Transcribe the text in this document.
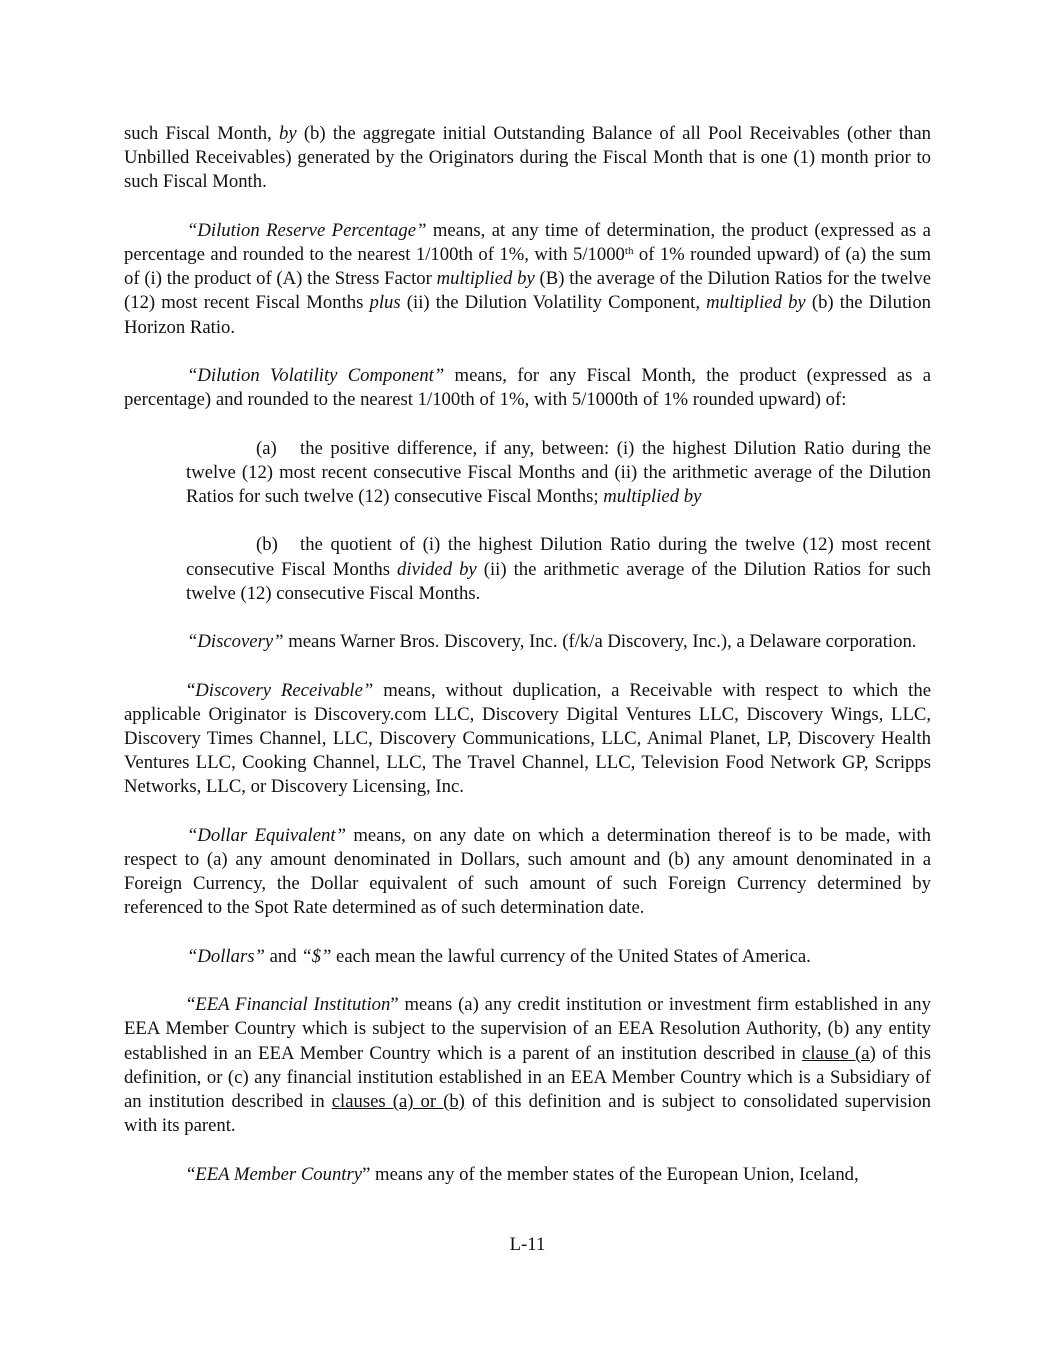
such Fiscal Month, by (b) the aggregate initial Outstanding Balance of all Pool Receivables (other than Unbilled Receivables) generated by the Originators during the Fiscal Month that is one (1) month prior to such Fiscal Month.

“Dilution Reserve Percentage” means, at any time of determination, the product (expressed as a percentage and rounded to the nearest 1/100th of 1%, with 5/1000th of 1% rounded upward) of (a) the sum of (i) the product of (A) the Stress Factor multiplied by (B) the average of the Dilution Ratios for the twelve (12) most recent Fiscal Months plus (ii) the Dilution Volatility Component, multiplied by (b) the Dilution Horizon Ratio.

“Dilution Volatility Component” means, for any Fiscal Month, the product (expressed as a percentage) and rounded to the nearest 1/100th of 1%, with 5/1000th of 1% rounded upward) of:

(a) the positive difference, if any, between: (i) the highest Dilution Ratio during the twelve (12) most recent consecutive Fiscal Months and (ii) the arithmetic average of the Dilution Ratios for such twelve (12) consecutive Fiscal Months; multiplied by

(b) the quotient of (i) the highest Dilution Ratio during the twelve (12) most recent consecutive Fiscal Months divided by (ii) the arithmetic average of the Dilution Ratios for such twelve (12) consecutive Fiscal Months.

“Discovery” means Warner Bros. Discovery, Inc. (f/k/a Discovery, Inc.), a Delaware corporation.

“Discovery Receivable” means, without duplication, a Receivable with respect to which the applicable Originator is Discovery.com LLC, Discovery Digital Ventures LLC, Discovery Wings, LLC, Discovery Times Channel, LLC, Discovery Communications, LLC, Animal Planet, LP, Discovery Health Ventures LLC, Cooking Channel, LLC, The Travel Channel, LLC, Television Food Network GP, Scripps Networks, LLC, or Discovery Licensing, Inc.

“Dollar Equivalent” means, on any date on which a determination thereof is to be made, with respect to (a) any amount denominated in Dollars, such amount and (b) any amount denominated in a Foreign Currency, the Dollar equivalent of such amount of such Foreign Currency determined by referenced to the Spot Rate determined as of such determination date.

“Dollars” and “$” each mean the lawful currency of the United States of America.

“EEA Financial Institution” means (a) any credit institution or investment firm established in any EEA Member Country which is subject to the supervision of an EEA Resolution Authority, (b) any entity established in an EEA Member Country which is a parent of an institution described in clause (a) of this definition, or (c) any financial institution established in an EEA Member Country which is a Subsidiary of an institution described in clauses (a) or (b) of this definition and is subject to consolidated supervision with its parent.

“EEA Member Country” means any of the member states of the European Union, Iceland,

L-11
